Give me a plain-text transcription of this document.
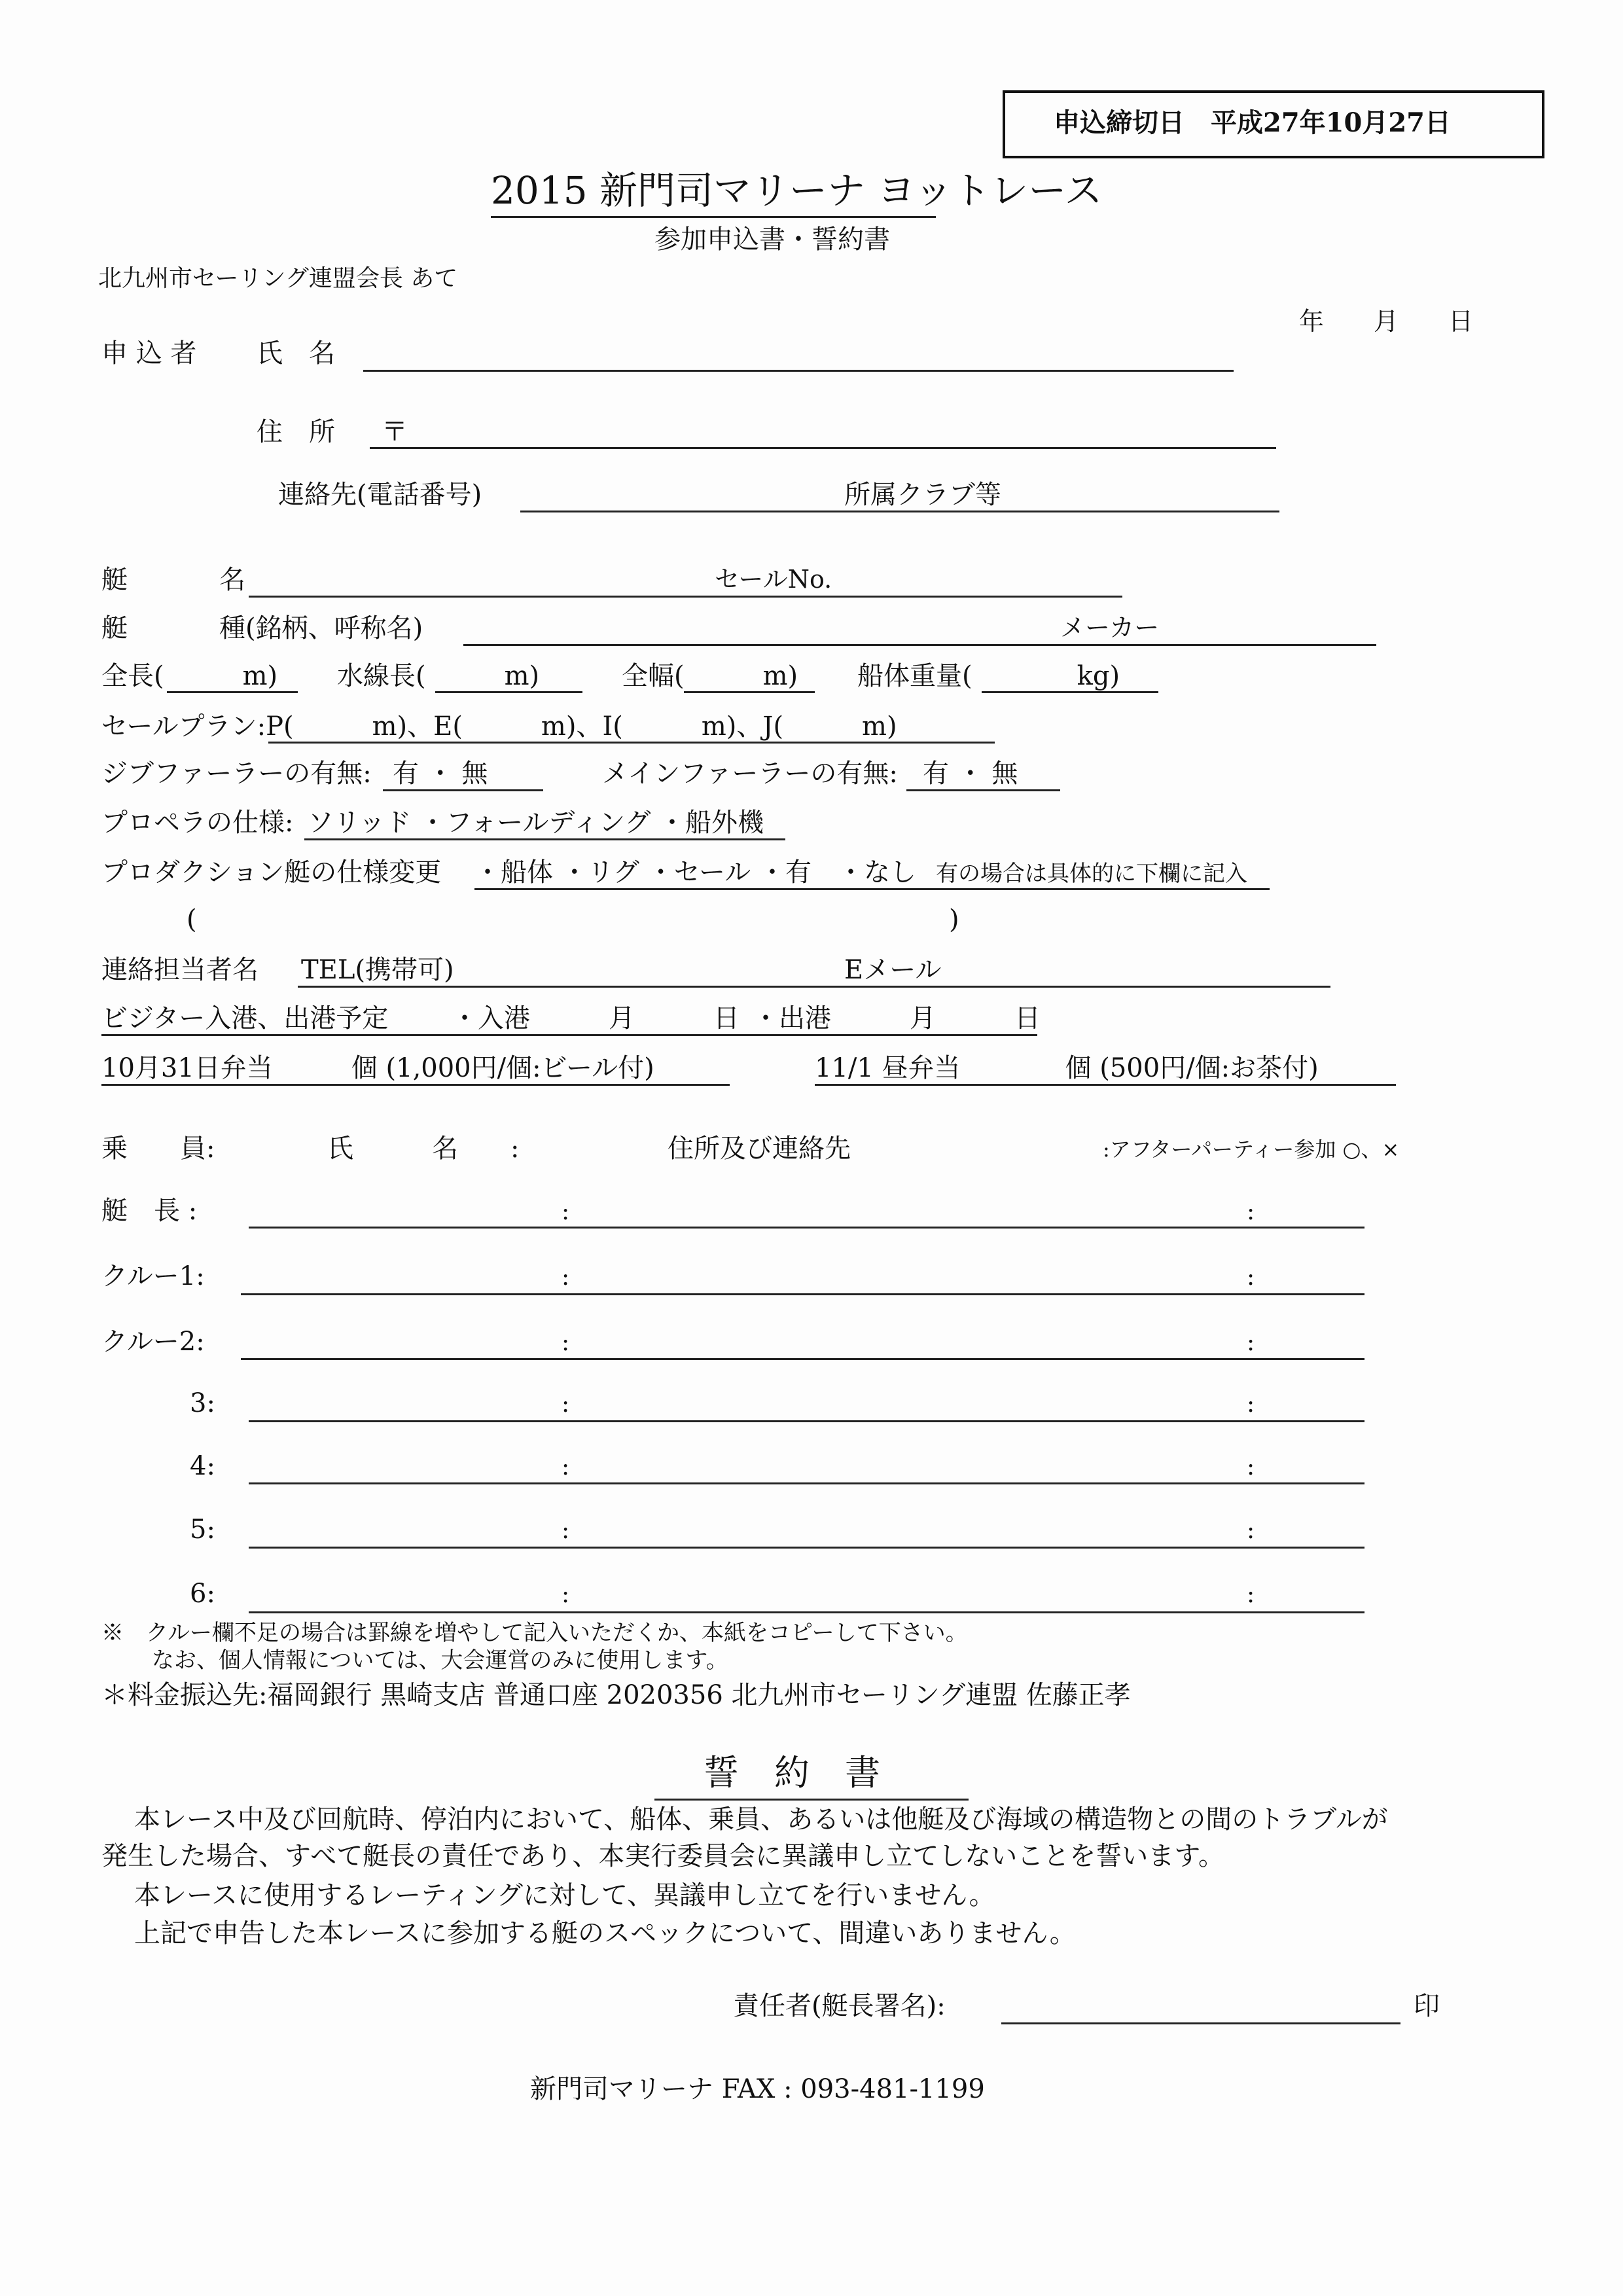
申込締切日　平成27年10月27日
2015 新門司マリーナ ヨットレース
参加申込書・誓約書
北九州市セーリング連盟会長 あて
年　　月　　日
申 込 者 氏　名
住　所 〒
連絡先(電話番号)	所属クラブ等
艇	名	セールNo.
艇	種(銘柄、呼称名)	メーカー
全長(　　　m) 水線長(　　　m)	全幅(　　　m) 船体重量(　　　　kg)
セールプラン:P(　　　m)、E(　　　m)、I(　　　m)、J(　　　m)
ジブファーラーの有無: 有 ・ 無	メインファーラーの有無: 有 ・ 無
プロペラの仕様: ソリッド ・フォールディング ・船外機
プロダクション艇の仕様変更 ・船体 ・リグ ・セール ・有　・なし 有の場合は具体的に下欄に記入
(	)
連絡担当者名 TEL(携帯可)	Eメール
ビジター入港、出港予定 ・入港　　　月　　　日 ・出港　　　月　　　日
10月31日弁当　　　個 (1,000円/個:ビール付)	11/1 昼弁当　　　　個 (500円/個:お茶付)
乗　　員:	氏　　　名　　:	住所及び連絡先	:アフターパーティー参加 ○、×
艇　長 :	:	:
クルー1:	:	:
クルー2:	:	:
3:	:	:
4:	:	:
5:	:	:
6:	:	:
※　クルー欄不足の場合は罫線を増やして記入いただくか、本紙をコピーして下さい。
なお、個人情報については、大会運営のみに使用します。
＊料金振込先:福岡銀行 黒崎支店 普通口座 2020356 北九州市セーリング連盟 佐藤正孝
誓　約　書
本レース中及び回航時、停泊内において、船体、乗員、あるいは他艇及び海域の構造物との間のトラブルが
発生した場合、すべて艇長の責任であり、本実行委員会に異議申し立てしないことを誓います。
本レースに使用するレーティングに対して、異議申し立てを行いません。
上記で申告した本レースに参加する艇のスペックについて、間違いありません。
責任者(艇長署名):	印
新門司マリーナ FAX : 093-481-1199
